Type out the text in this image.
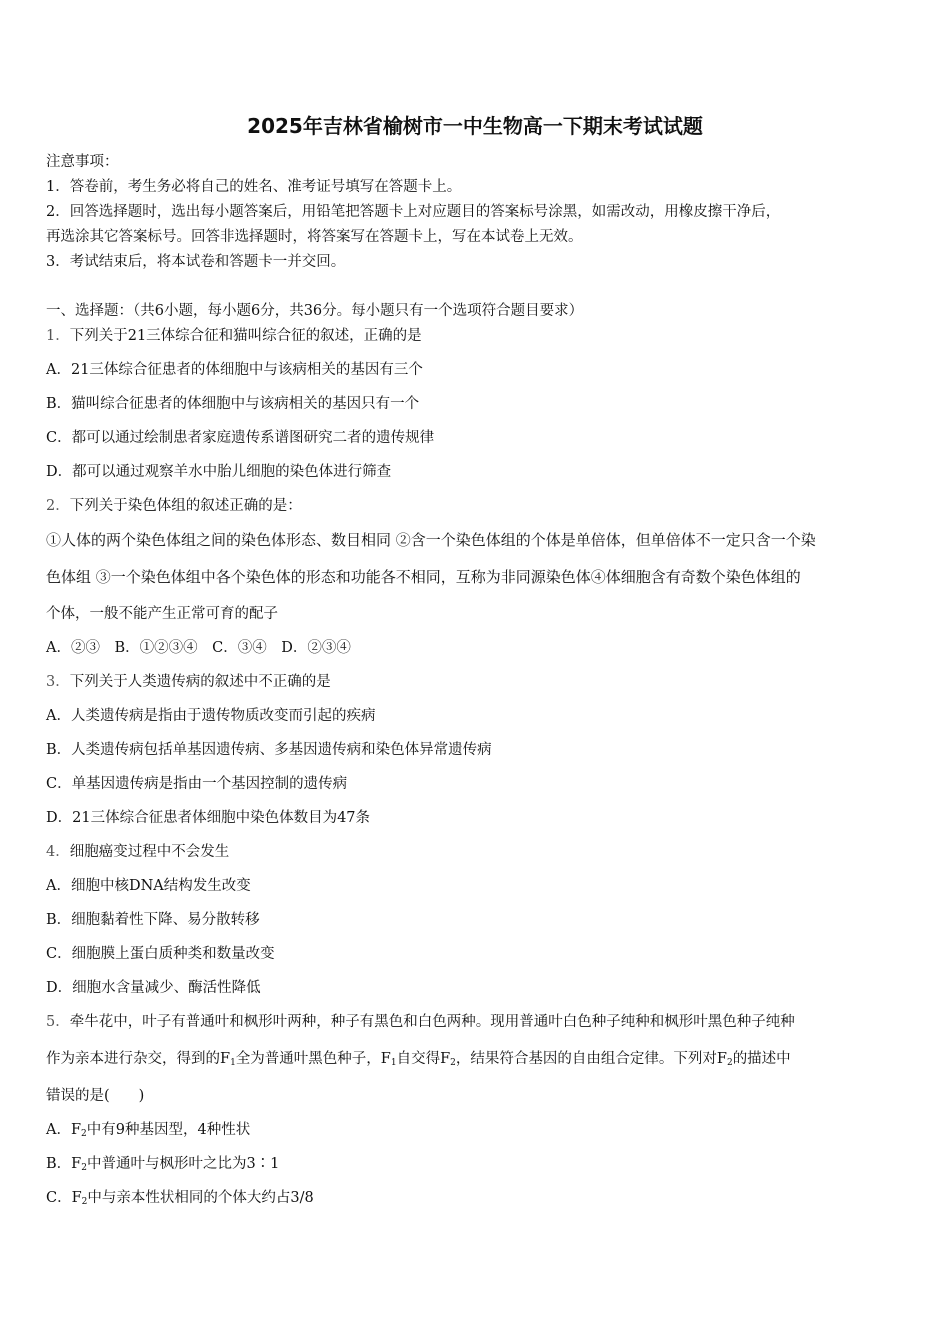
2025年吉林省榆树市一中生物高一下期末考试试题
注意事项：
1．答卷前，考生务必将自己的姓名、准考证号填写在答题卡上。
2．回答选择题时，选出每小题答案后，用铅笔把答题卡上对应题目的答案标号涂黑，如需改动，用橡皮擦干净后，
再选涂其它答案标号。回答非选择题时，将答案写在答题卡上，写在本试卷上无效。
3．考试结束后，将本试卷和答题卡一并交回。
一、选择题：（共6小题，每小题6分，共36分。每小题只有一个选项符合题目要求）
1．下列关于21三体综合征和猫叫综合征的叙述，正确的是
A．21三体综合征患者的体细胞中与该病相关的基因有三个
B．猫叫综合征患者的体细胞中与该病相关的基因只有一个
C．都可以通过绘制患者家庭遗传系谱图研究二者的遗传规律
D．都可以通过观察羊水中胎儿细胞的染色体进行筛查
2．下列关于染色体组的叙述正确的是：
①人体的两个染色体组之间的染色体形态、数目相同 ②含一个染色体组的个体是单倍体，但单倍体不一定只含一个染
色体组 ③一个染色体组中各个染色体的形态和功能各不相同，互称为非同源染色体④体细胞含有奇数个染色体组的
个体，一般不能产生正常可育的配子
A．②③　B．①②③④　C．③④　D．②③④
3．下列关于人类遗传病的叙述中不正确的是
A．人类遗传病是指由于遗传物质改变而引起的疾病
B．人类遗传病包括单基因遗传病、多基因遗传病和染色体异常遗传病
C．单基因遗传病是指由一个基因控制的遗传病
D．21三体综合征患者体细胞中染色体数目为47条
4．细胞癌变过程中不会发生
A．细胞中核DNA结构发生改变
B．细胞黏着性下降、易分散转移
C．细胞膜上蛋白质种类和数量改变
D．细胞水含量减少、酶活性降低
5．牵牛花中，叶子有普通叶和枫形叶两种，种子有黑色和白色两种。现用普通叶白色种子纯种和枫形叶黑色种子纯种
作为亲本进行杂交，得到的$F_1$全为普通叶黑色种子，$F_1$自交得$F_2$，结果符合基因的自由组合定律。下列对$F_2$的描述中
错误的是(　　)
A．$F_2$中有9种基因型，4种性状
B．$F_2$中普通叶与枫形叶之比为3∶1
C．$F_2$中与亲本性状相同的个体大约占3/8
